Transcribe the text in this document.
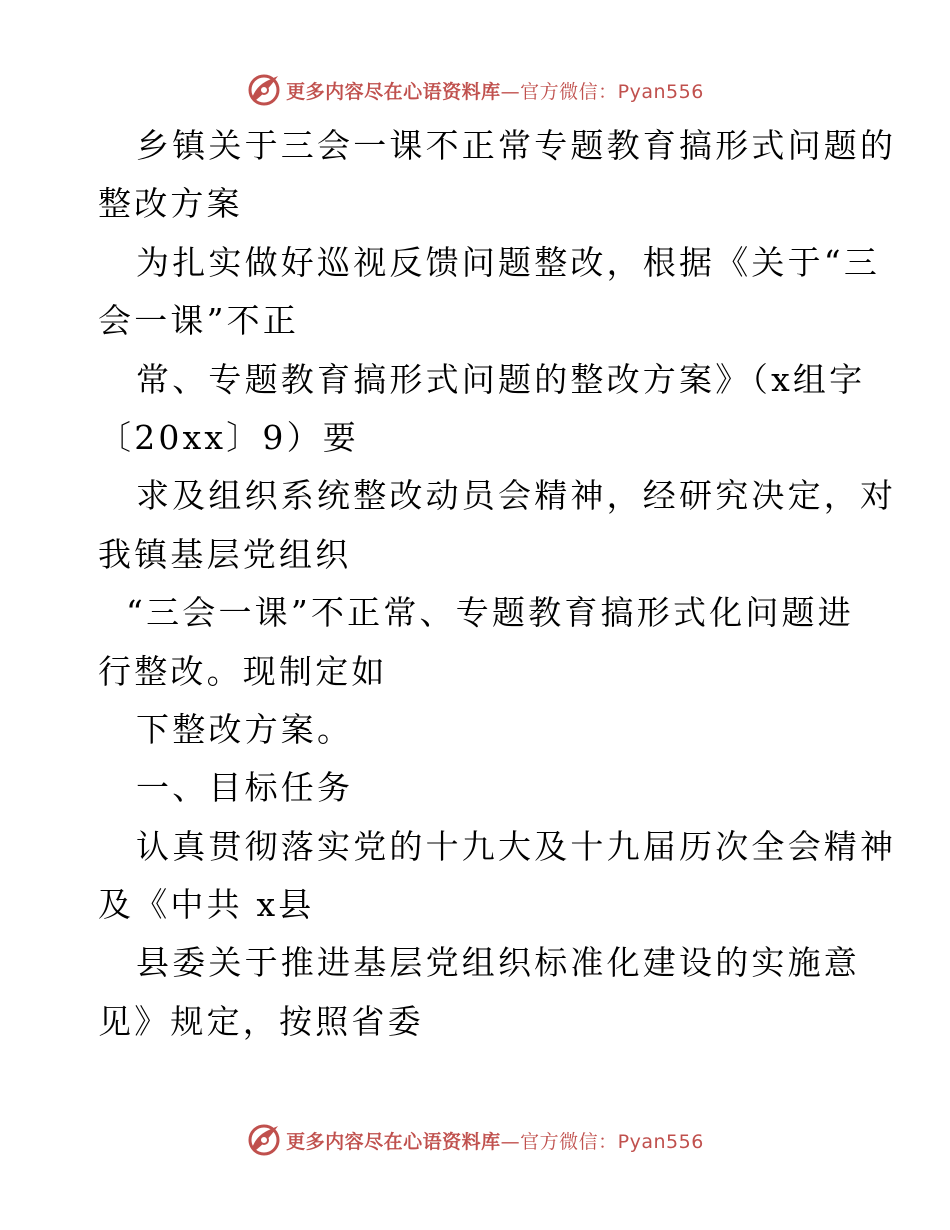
更多内容尽在心语资料库—官方微信：Pyan556
乡镇关于三会一课不正常专题教育搞形式问题的
整改方案
为扎实做好巡视反馈问题整改，根据《关于“三
会一课”不正
常、专题教育搞形式问题的整改方案》（x组字
〔20xx〕9）要
求及组织系统整改动员会精神，经研究决定，对
我镇基层党组织
“三会一课”不正常、专题教育搞形式化问题进
行整改。现制定如
下整改方案。
一、目标任务
认真贯彻落实党的十九大及十九届历次全会精神
及《中共 x县
县委关于推进基层党组织标准化建设的实施意
见》规定，按照省委
更多内容尽在心语资料库—官方微信：Pyan556
